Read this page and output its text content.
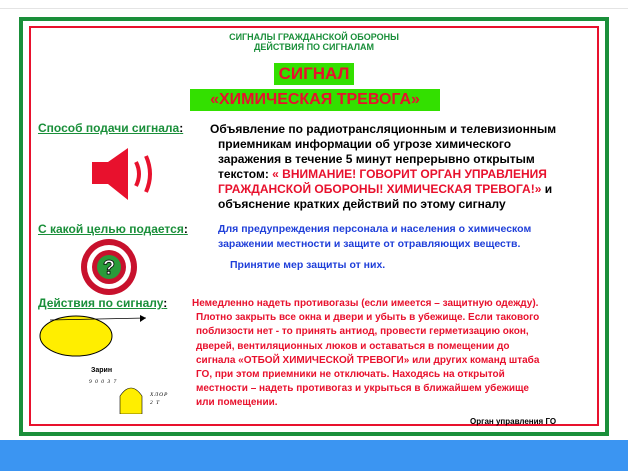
СИГНАЛЫ ГРАЖДАНСКОЙ ОБОРОНЫ
ДЕЙСТВИЯ ПО СИГНАЛАМ
СИГНАЛ
«ХИМИЧЕСКАЯ ТРЕВОГА»
Способ подачи сигнала: Объявление по радиотрансляционным и телевизионным
приемникам информации об угрозе химического
заражения в течение 5 минут непрерывно открытым
текстом: « ВНИМАНИЕ! ГОВОРИТ ОРГАН УПРАВЛЕНИЯ
ГРАЖДАНСКОЙ ОБОРОНЫ! ХИМИЧЕСКАЯ ТРЕВОГА!» и
объяснение кратких действий по этому сигналу
С какой целью подается:	Для предупреждения персонала и населения о химическом
заражении местности и защите от отравляющих веществ.
Принятие мер защиты от них.
?
Действия по сигналу: Немедленно надеть противогазы (если имеется – защитную одежду).
Плотно закрыть все окна и двери и убыть в убежище. Если такового
поблизости нет - то принять антиод, провести герметизацию окон,
дверей, вентиляционных люков и оставаться в помещении до
сигнала «ОТБОЙ ХИМИЧЕСКОЙ ТРЕВОГИ» или других команд штаба
ГО, при этом приемники не отключать. Находясь на открытой
местности – надеть противогаз и укрыться в ближайшем убежище
или помещении.
Зарин
9 0 0 3 7
ХЛОР
2 Т
Орган управления ГО
